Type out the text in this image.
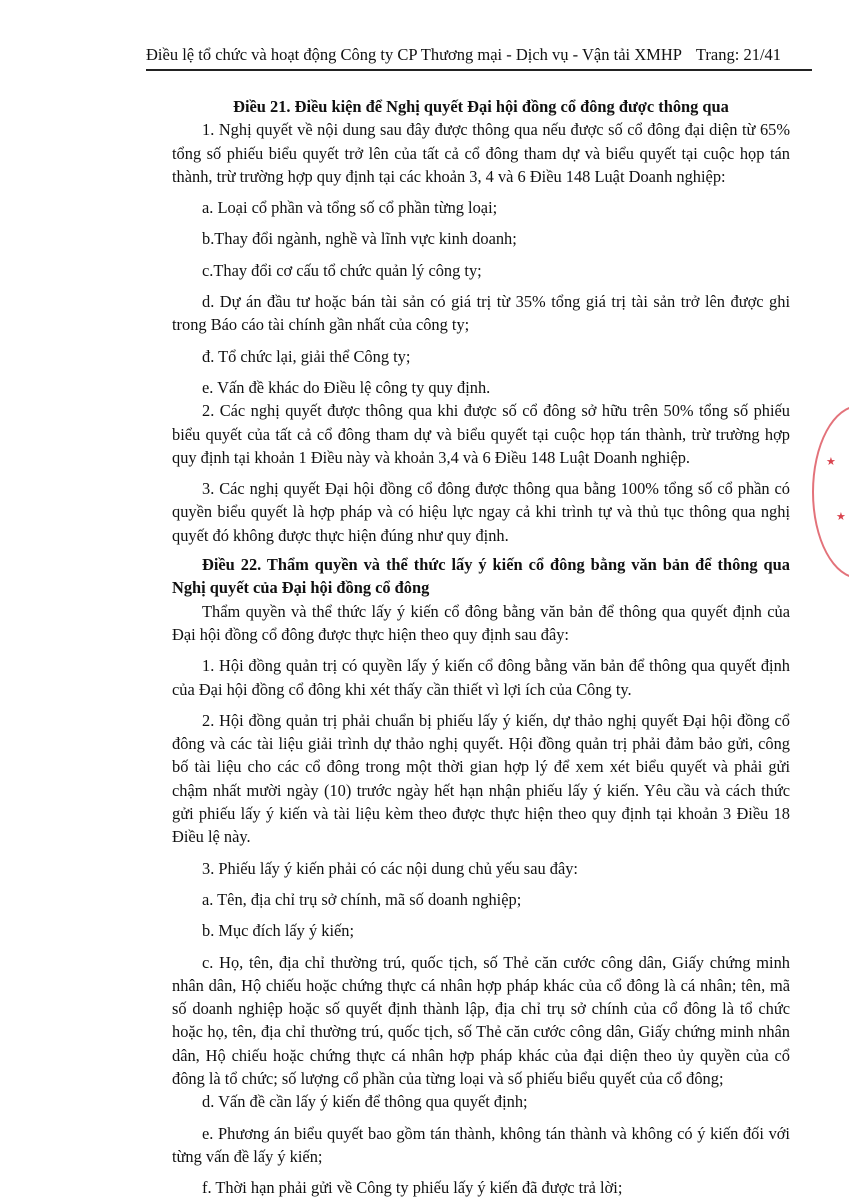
Điều lệ tổ chức và hoạt động Công ty CP Thương mại - Dịch vụ - Vận tải XMHP Trang: 21/41

Điều 21. Điều kiện để Nghị quyết Đại hội đồng cổ đông được thông qua

1. Nghị quyết về nội dung sau đây được thông qua nếu được số cổ đông đại diện từ 65% tổng số phiếu biểu quyết trở lên của tất cả cổ đông tham dự và biểu quyết tại cuộc họp tán thành, trừ trường hợp quy định tại các khoản 3, 4 và 6 Điều 148 Luật Doanh nghiệp:

a. Loại cổ phần và tổng số cổ phần từng loại;

b.Thay đổi ngành, nghề và lĩnh vực kinh doanh;

c.Thay đổi cơ cấu tổ chức quản lý công ty;

d. Dự án đầu tư hoặc bán tài sản có giá trị từ 35% tổng giá trị tài sản trở lên được ghi trong Báo cáo tài chính gần nhất của công ty;

đ. Tổ chức lại, giải thể Công ty;

e. Vấn đề khác do Điều lệ công ty quy định.

2. Các nghị quyết được thông qua khi được số cổ đông sở hữu trên 50% tổng số phiếu biểu quyết của tất cả cổ đông tham dự và biểu quyết tại cuộc họp tán thành, trừ trường hợp quy định tại khoản 1 Điều này và khoản 3,4 và 6 Điều 148 Luật Doanh nghiệp.

3. Các nghị quyết Đại hội đồng cổ đông được thông qua bằng 100% tổng số cổ phần có quyền biểu quyết là hợp pháp và có hiệu lực ngay cả khi trình tự và thủ tục thông qua nghị quyết đó không được thực hiện đúng như quy định.

Điều 22. Thẩm quyền và thể thức lấy ý kiến cổ đông bằng văn bản để thông qua Nghị quyết của Đại hội đồng cổ đông

Thẩm quyền và thể thức lấy ý kiến cổ đông bằng văn bản để thông qua quyết định của Đại hội đồng cổ đông được thực hiện theo quy định sau đây:

1. Hội đồng quản trị có quyền lấy ý kiến cổ đông bằng văn bản để thông qua quyết định của Đại hội đồng cổ đông khi xét thấy cần thiết vì lợi ích của Công ty.

2. Hội đồng quản trị phải chuẩn bị phiếu lấy ý kiến, dự thảo nghị quyết Đại hội đồng cổ đông và các tài liệu giải trình dự thảo nghị quyết. Hội đồng quản trị phải đảm bảo gửi, công bố tài liệu cho các cổ đông trong một thời gian hợp lý để xem xét biểu quyết và phải gửi chậm nhất mười ngày (10) trước ngày hết hạn nhận phiếu lấy ý kiến. Yêu cầu và cách thức gửi phiếu lấy ý kiến và tài liệu kèm theo được thực hiện theo quy định tại khoản 3 Điều 18 Điều lệ này.

3. Phiếu lấy ý kiến phải có các nội dung chủ yếu sau đây:

a. Tên, địa chỉ trụ sở chính, mã số doanh nghiệp;

b. Mục đích lấy ý kiến;

c. Họ, tên, địa chỉ thường trú, quốc tịch, số Thẻ căn cước công dân, Giấy chứng minh nhân dân, Hộ chiếu hoặc chứng thực cá nhân hợp pháp khác của cổ đông là cá nhân; tên, mã số doanh nghiệp hoặc số quyết định thành lập, địa chỉ trụ sở chính của cổ đông là tổ chức hoặc họ, tên, địa chỉ thường trú, quốc tịch, số Thẻ căn cước công dân, Giấy chứng minh nhân dân, Hộ chiếu hoặc chứng thực cá nhân hợp pháp khác của đại diện theo ủy quyền của cổ đông là tổ chức; số lượng cổ phần của từng loại và số phiếu biểu quyết của cổ đông;

d. Vấn đề cần lấy ý kiến để thông qua quyết định;

e. Phương án biểu quyết bao gồm tán thành, không tán thành và không có ý kiến đối với từng vấn đề lấy ý kiến;

f. Thời hạn phải gửi về Công ty phiếu lấy ý kiến đã được trả lời;

★
★
